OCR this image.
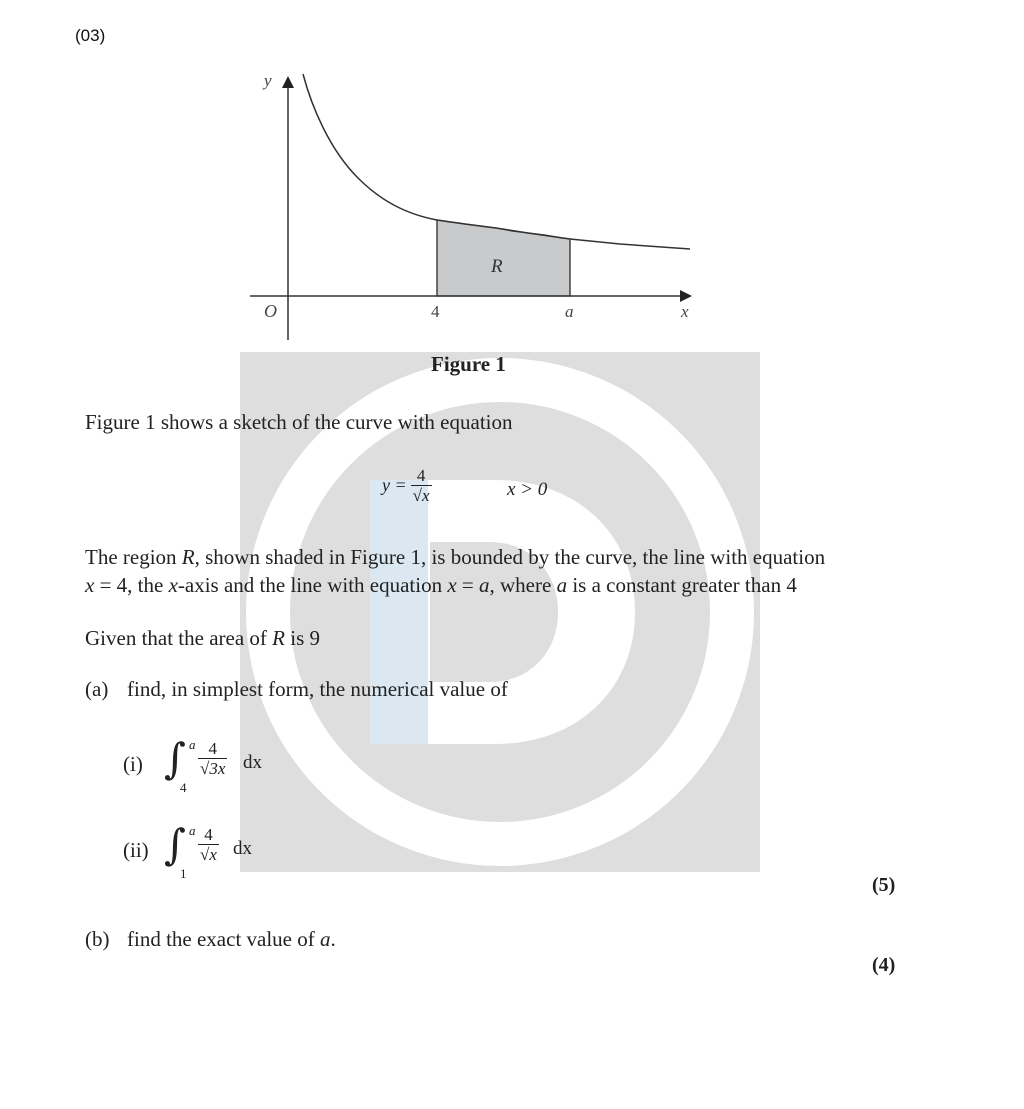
(03)
y
x
O	4	a
R
Figure 1
Figure 1 shows a sketch of the curve with equation
$y = \frac{4}{√x}$	x > 0
The region R, shown shaded in Figure 1, is bounded by the curve, the line with equation
x = 4, the x-axis and the line with equation x = a, where a is a constant greater than 4
Given that the area of R is 9
(a) find, in simplest form, the numerical value of
(i) ∫ a
4
$\frac{4}{√3x}$ dx
(ii) ∫ a
1
$\frac{4}{√x}$ dx
(5)
(b) find the exact value of a.
(4)
